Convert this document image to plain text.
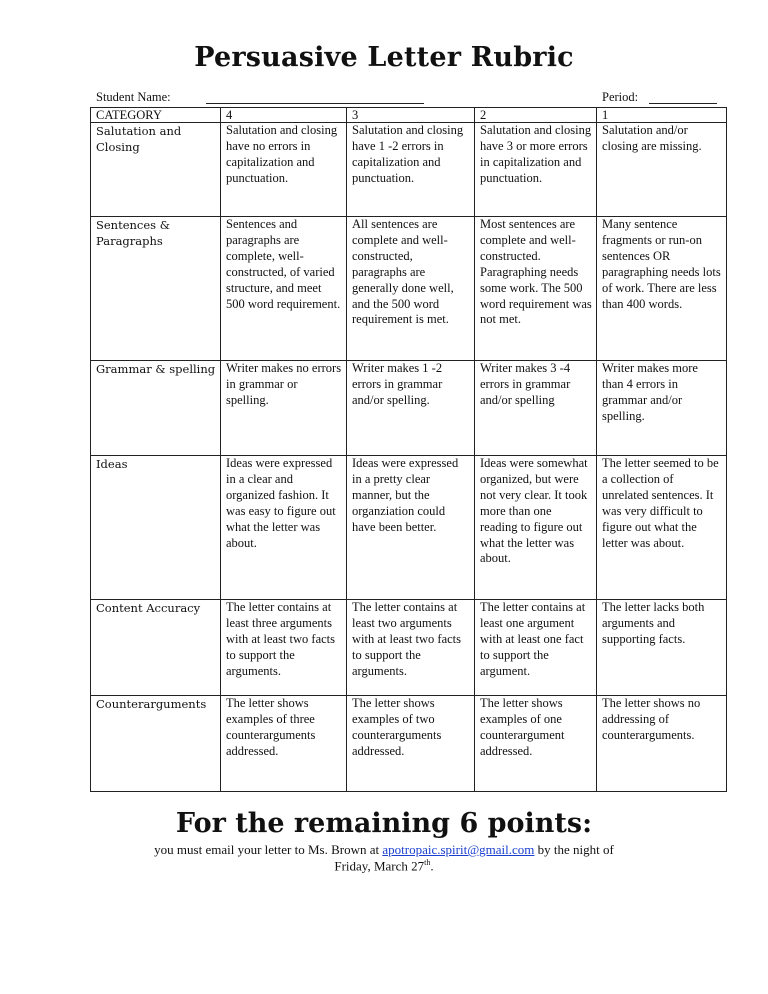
Persuasive Letter Rubric
Student Name:	Period:
CATEGORY	4	3	2	1
Salutation and Closing	Salutation and closing have no errors in capitalization and punctuation.	Salutation and closing have 1 -2 errors in capitalization and punctuation.	Salutation and closing have 3 or more errors in capitalization and punctuation.	Salutation and/or closing are missing.
Sentences & Paragraphs	Sentences and paragraphs are complete, well-constructed, of varied structure, and meet 500 word requirement.	All sentences are complete and well-constructed, paragraphs are generally done well, and the 500 word requirement is met.	Most sentences are complete and well-constructed. Paragraphing needs some work. The 500 word requirement was not met.	Many sentence fragments or run-on sentences OR paragraphing needs lots of work. There are less than 400 words.
Grammar & spelling	Writer makes no errors in grammar or spelling.	Writer makes 1 -2 errors in grammar and/or spelling.	Writer makes 3 -4 errors in grammar and/or spelling	Writer makes more than 4 errors in grammar and/or spelling.
Ideas	Ideas were expressed in a clear and organized fashion. It was easy to figure out what the letter was about.	Ideas were expressed in a pretty clear manner, but the organziation could have been better.	Ideas were somewhat organized, but were not very clear. It took more than one reading to figure out what the letter was about.	The letter seemed to be a collection of unrelated sentences. It was very difficult to figure out what the letter was about.
Content Accuracy	The letter contains at least three arguments with at least two facts to support the arguments.	The letter contains at least two arguments with at least two facts to support the arguments.	The letter contains at least one argument with at least one fact to support the argument.	The letter lacks both arguments and supporting facts.
Counterarguments	The letter shows examples of three counterarguments addressed.	The letter shows examples of two counterarguments addressed.	The letter shows examples of one counterargument addressed.	The letter shows no addressing of counterarguments.
For the remaining 6 points:
you must email your letter to Ms. Brown at apotropaic.spirit@gmail.com by the night of
Friday, March 27th.
